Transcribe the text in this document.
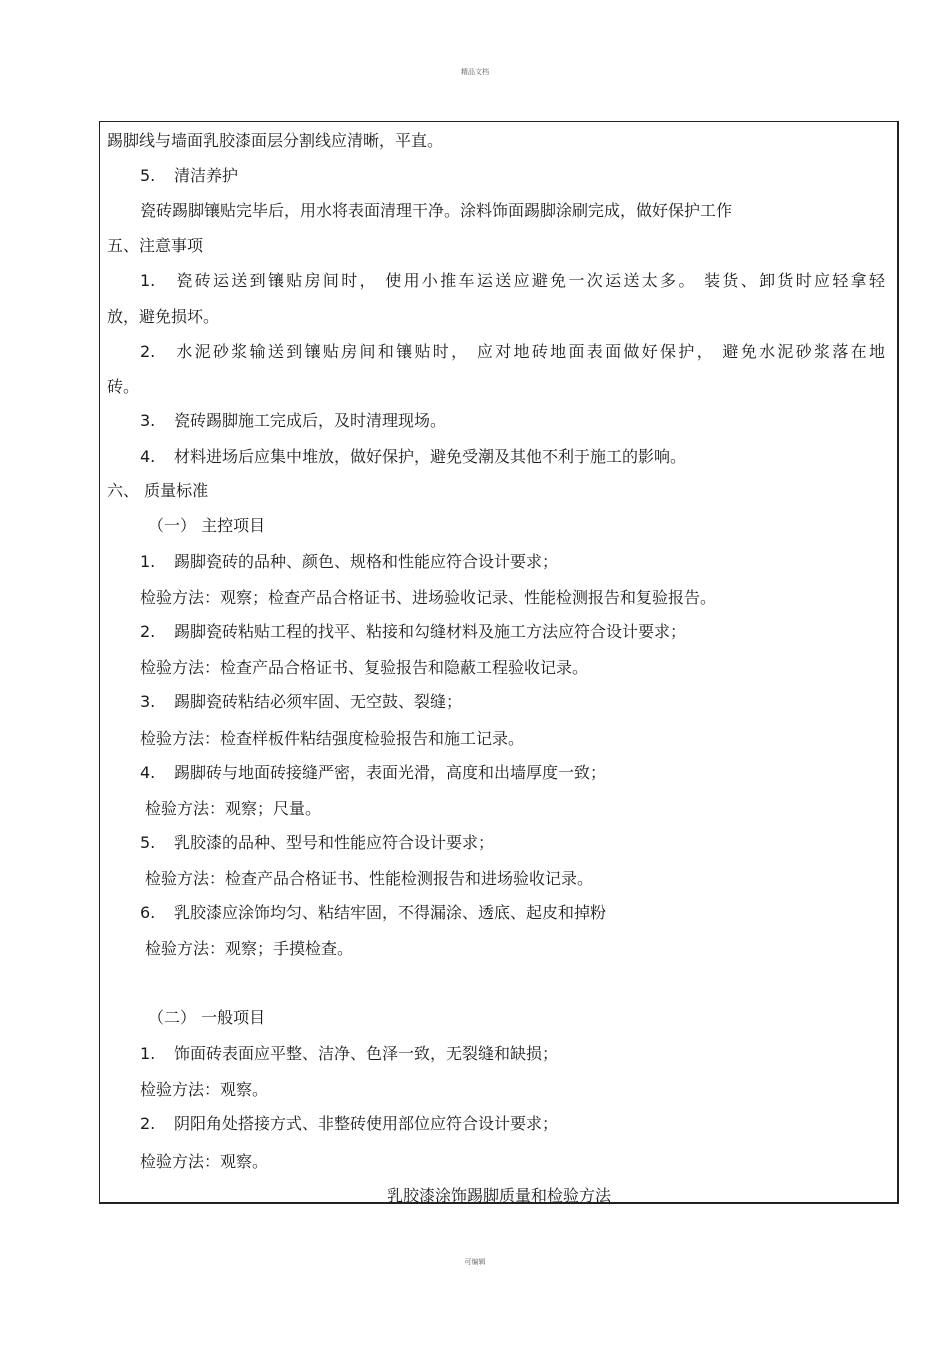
精品文档
踢脚线与墙面乳胶漆面层分割线应清晰，平直。
5. 清洁养护
瓷砖踢脚镶贴完毕后，用水将表面清理干净。涂料饰面踢脚涂刷完成，做好保护工作
五、注意事项
1. 瓷砖运送到镶贴房间时， 使用小推车运送应避免一次运送太多。 装货、卸货时应轻拿轻
放，避免损坏。
2. 水泥砂浆输送到镶贴房间和镶贴时， 应对地砖地面表面做好保护， 避免水泥砂浆落在地
砖。
3. 瓷砖踢脚施工完成后，及时清理现场。
4. 材料进场后应集中堆放，做好保护，避免受潮及其他不利于施工的影响。
六、 质量标准
（一） 主控项目
1. 踢脚瓷砖的品种、颜色、规格和性能应符合设计要求；
检验方法：观察；检查产品合格证书、进场验收记录、性能检测报告和复验报告。
2. 踢脚瓷砖粘贴工程的找平、粘接和勾缝材料及施工方法应符合设计要求；
检验方法：检查产品合格证书、复验报告和隐蔽工程验收记录。
3. 踢脚瓷砖粘结必须牢固、无空鼓、裂缝；
检验方法：检查样板件粘结强度检验报告和施工记录。
4. 踢脚砖与地面砖接缝严密，表面光滑，高度和出墙厚度一致；
检验方法：观察；尺量。
5. 乳胶漆的品种、型号和性能应符合设计要求；
检验方法：检查产品合格证书、性能检测报告和进场验收记录。
6. 乳胶漆应涂饰均匀、粘结牢固，不得漏涂、透底、起皮和掉粉
检验方法：观察；手摸检查。
（二） 一般项目
1. 饰面砖表面应平整、洁净、色泽一致，无裂缝和缺损；
检验方法：观察。
2. 阴阳角处搭接方式、非整砖使用部位应符合设计要求；
检验方法：观察。
乳胶漆涂饰踢脚质量和检验方法
可编辑
